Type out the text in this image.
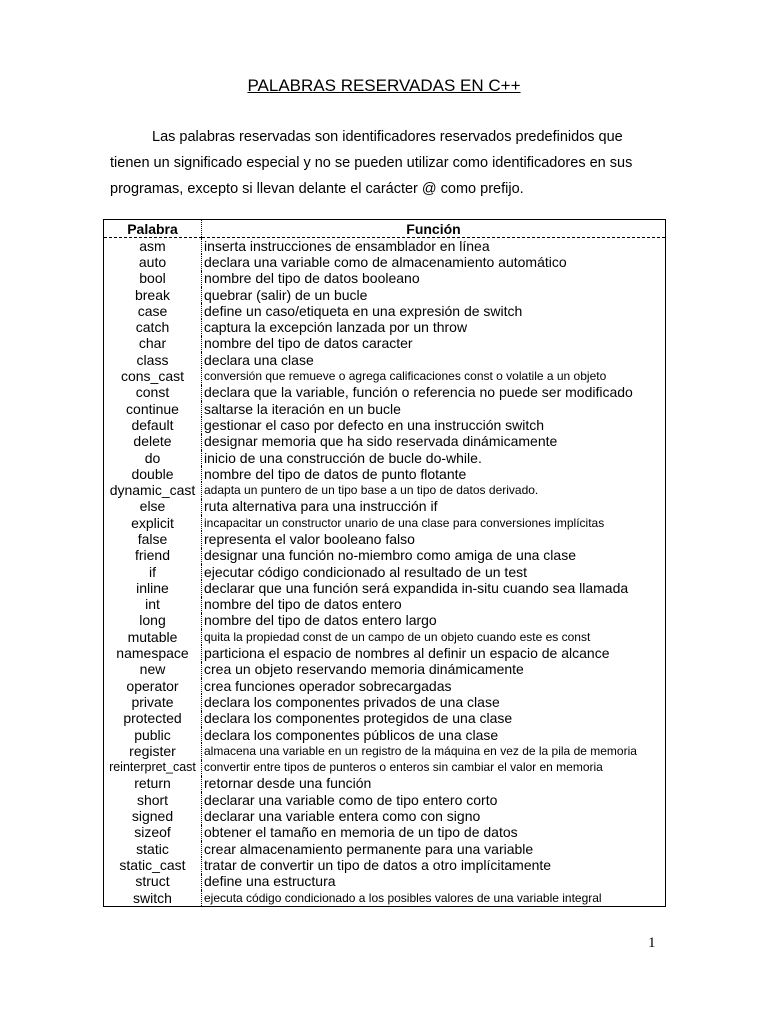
PALABRAS RESERVADAS EN C++

Las palabras reservadas son identificadores reservados predefinidos que tienen un significado especial y no se pueden utilizar como identificadores en sus programas, excepto si llevan delante el carácter @ como prefijo.

Palabra	Función
asm	inserta instrucciones de ensamblador en línea
auto	declara una variable como de almacenamiento automático
bool	nombre del tipo de datos booleano
break	quebrar (salir) de un bucle
case	define un caso/etiqueta en una expresión de switch
catch	captura la excepción lanzada por un throw
char	nombre del tipo de datos caracter
class	declara una clase
cons_cast	conversión que remueve o agrega calificaciones const o volatile a un objeto
const	declara que la variable, función o referencia no puede ser modificado
continue	saltarse la iteración en un bucle
default	gestionar el caso por defecto en una instrucción switch
delete	designar memoria que ha sido reservada dinámicamente
do	inicio de una construcción de bucle do-while.
double	nombre del tipo de datos de punto flotante
dynamic_cast	adapta un puntero de un tipo base a un tipo de datos derivado.
else	ruta alternativa para una instrucción if
explicit	incapacitar un constructor unario de una clase para conversiones implícitas
false	representa el valor booleano falso
friend	designar una función no-miembro como amiga de una clase
if	ejecutar código condicionado al resultado de un test
inline	declarar que una función será expandida in-situ cuando sea llamada
int	nombre del tipo de datos entero
long	nombre del tipo de datos entero largo
mutable	quita la propiedad const de un campo de un objeto cuando este es const
namespace	particiona el espacio de nombres al definir un espacio de alcance
new	crea un objeto reservando memoria dinámicamente
operator	crea funciones operador sobrecargadas
private	declara los componentes privados de una clase
protected	declara los componentes protegidos de una clase
public	declara los componentes públicos de una clase
register	almacena una variable en un registro de la máquina en vez de la pila de memoria
reinterpret_cast	convertir entre tipos de punteros o enteros sin cambiar el valor en memoria
return	retornar desde una función
short	declarar una variable como de tipo entero corto
signed	declarar una variable entera como con signo
sizeof	obtener el tamaño en memoria de un tipo de datos
static	crear almacenamiento permanente para una variable
static_cast	tratar de convertir un tipo de datos a otro implícitamente
struct	define una estructura
switch	ejecuta código condicionado a los posibles valores de una variable integral
1
